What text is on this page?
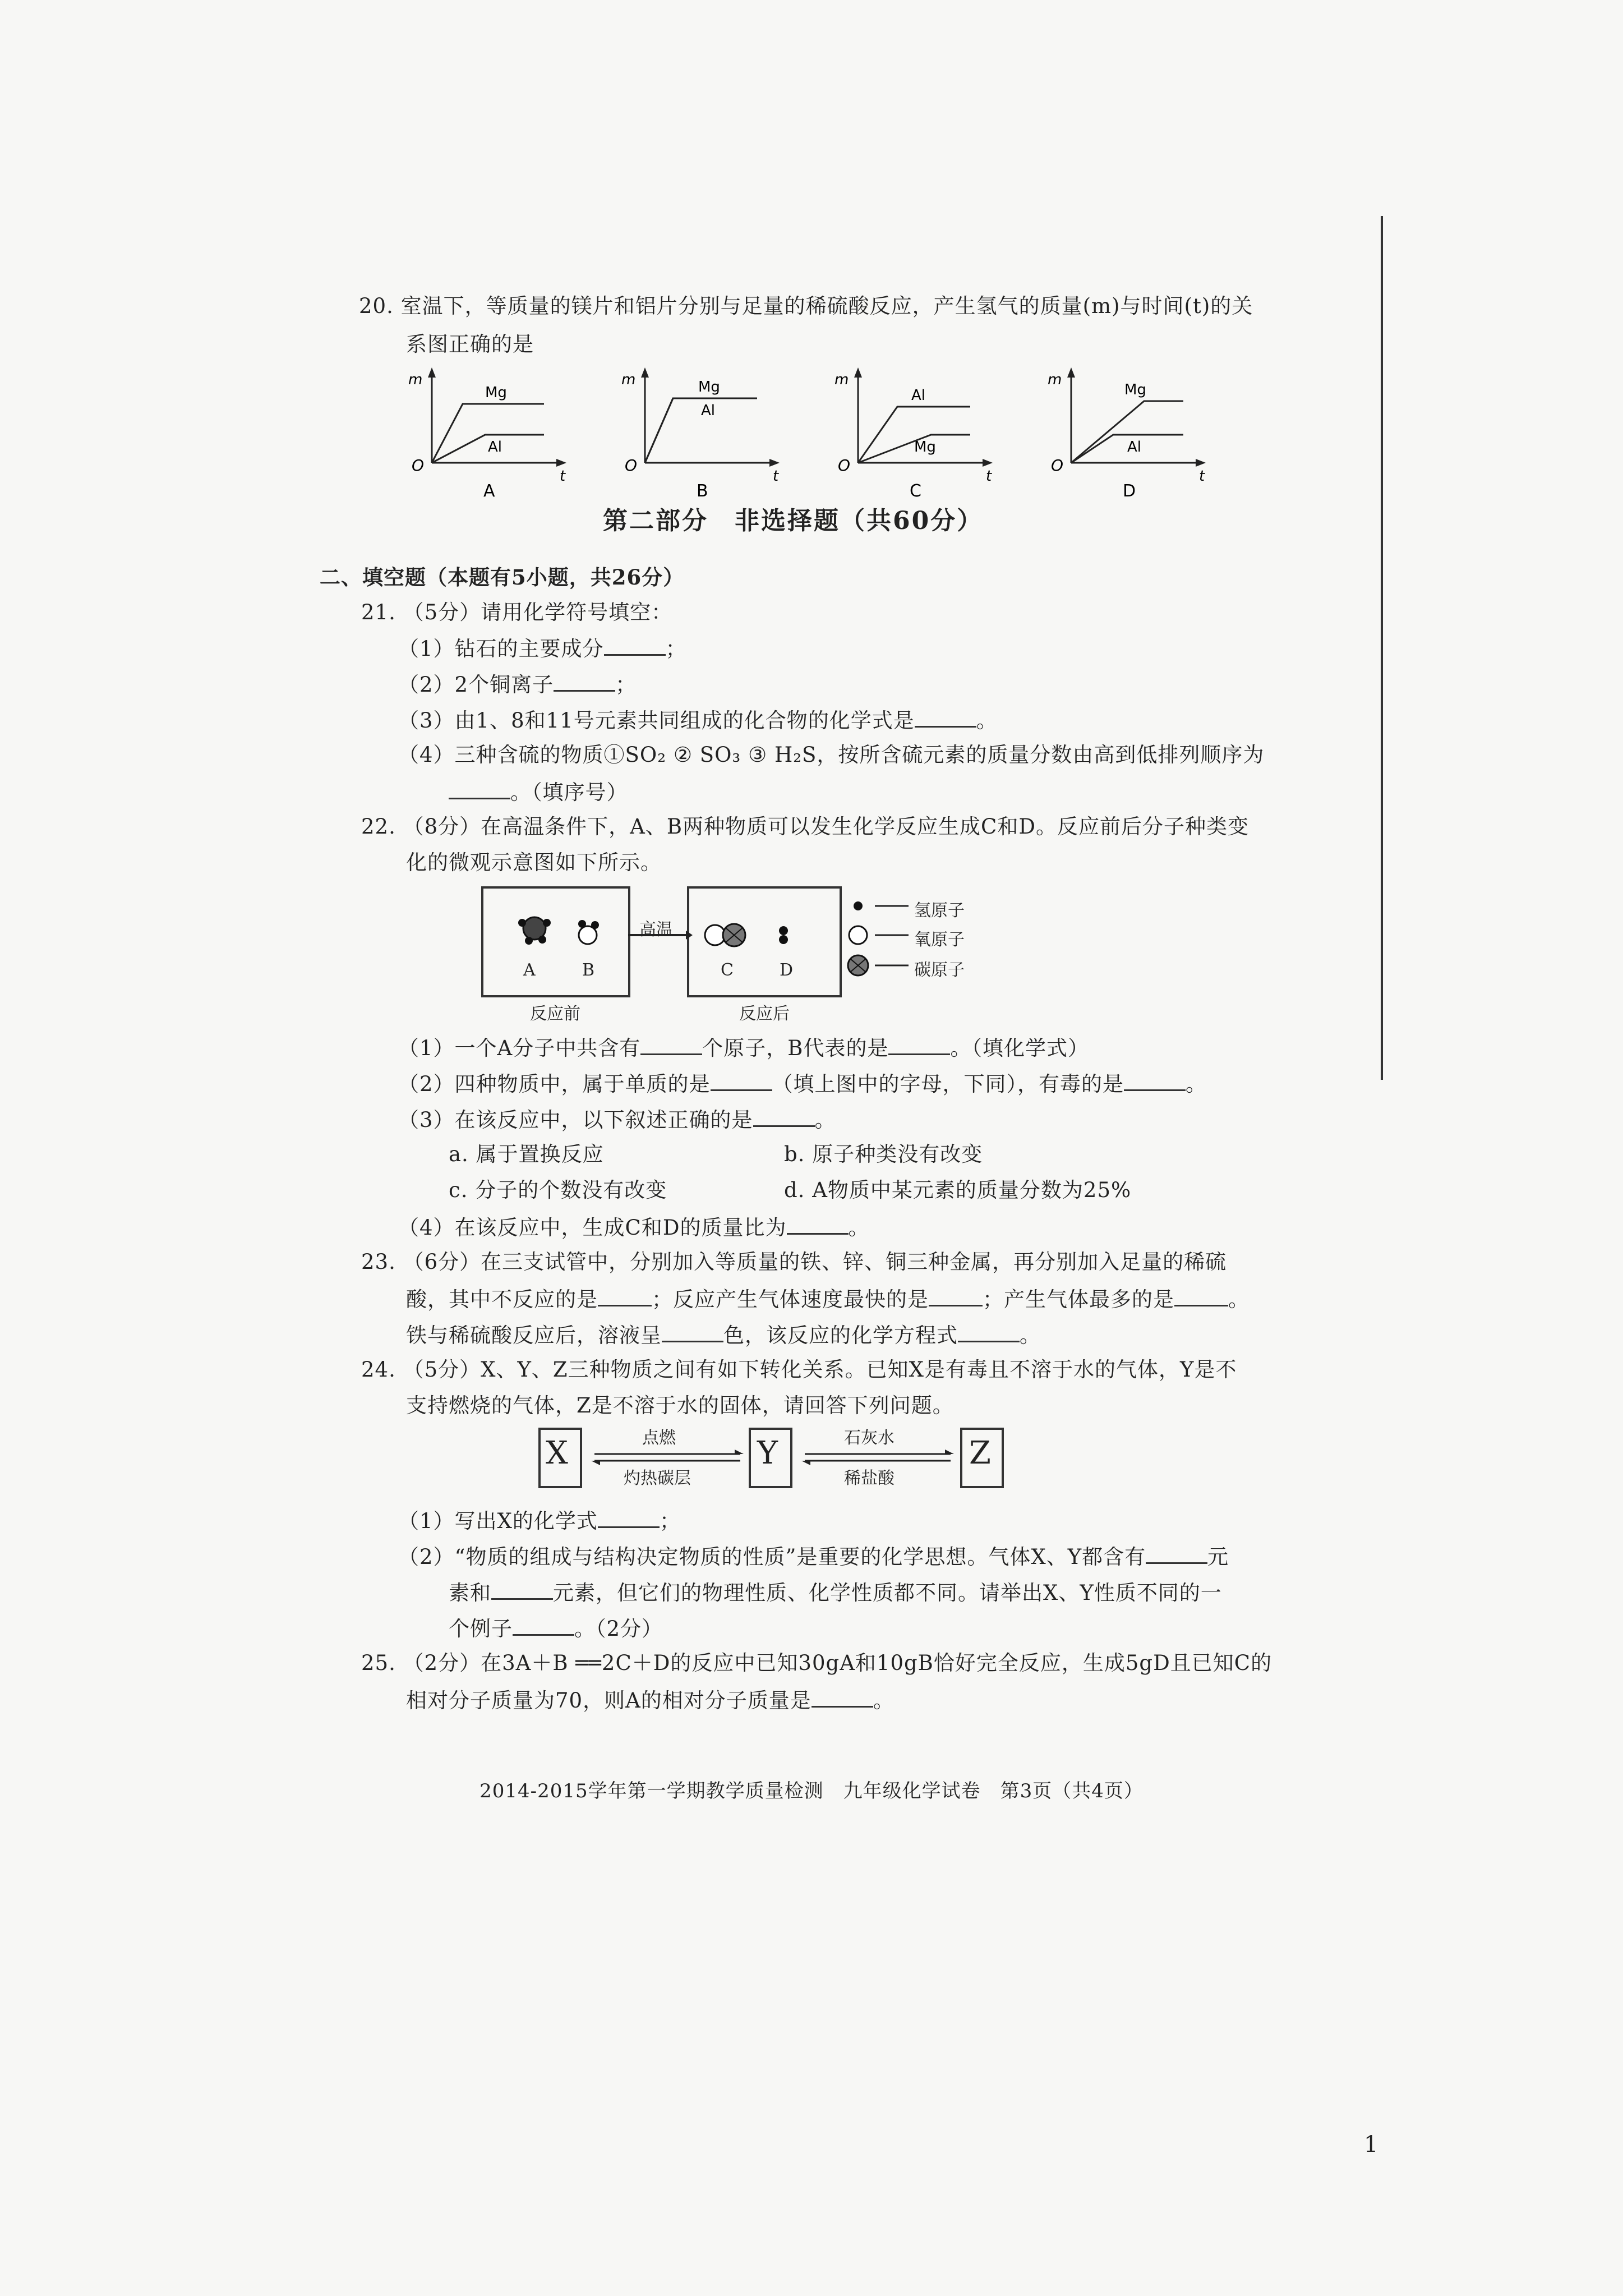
20. 室温下，等质量的镁片和铝片分别与足量的稀硫酸反应，产生氢气的质量(m)与时间(t)的关
系图正确的是
m
t
O
Mg
Al
A
m
t
O
Mg
Al
B
m
t
O
Al
Mg
C
m
t
O
Mg
Al
D
第二部分　非选择题（共60分）
二、填空题（本题有5小题，共26分）
21. （5分）请用化学符号填空：
（1）钻石的主要成分	；
（2）2个铜离子	；
（3）由1、8和11号元素共同组成的化合物的化学式是	。
（4）三种含硫的物质①SO₂ ② SO₃ ③ H₂S，按所含硫元素的质量分数由高到低排列顺序为
。（填序号）
22. （8分）在高温条件下，A、B两种物质可以发生化学反应生成C和D。反应前后分子种类变
化的微观示意图如下所示。
高温
A	B	C	D
氢原子
氧原子
碳原子
反应前	反应后
（1）一个A分子中共含有	个原子，B代表的是	。（填化学式）
（2）四种物质中，属于单质的是	（填上图中的字母，下同），有毒的是	。
（3）在该反应中，以下叙述正确的是	。
a. 属于置换反应	b. 原子种类没有改变
c. 分子的个数没有改变	d. A物质中某元素的质量分数为25%
（4）在该反应中，生成C和D的质量比为	。
23. （6分）在三支试管中，分别加入等质量的铁、锌、铜三种金属，再分别加入足量的稀硫
酸，其中不反应的是	；反应产生气体速度最快的是	；产生气体最多的是	。
铁与稀硫酸反应后，溶液呈	色，该反应的化学方程式	。
24. （5分）X、Y、Z三种物质之间有如下转化关系。已知X是有毒且不溶于水的气体，Y是不
支持燃烧的气体，Z是不溶于水的固体，请回答下列问题。
X	Y	Z
点燃
灼热碳层
石灰水
稀盐酸
（1）写出X的化学式	；
（2）“物质的组成与结构决定物质的性质”是重要的化学思想。气体X、Y都含有	元
素和	元素，但它们的物理性质、化学性质都不同。请举出X、Y性质不同的一
个例子	。（2分）
25. （2分）在3A＋B ══2C＋D的反应中已知30gA和10gB恰好完全反应，生成5gD且已知C的
相对分子质量为70，则A的相对分子质量是	。
2014-2015学年第一学期教学质量检测　九年级化学试卷　第3页（共4页）
1
